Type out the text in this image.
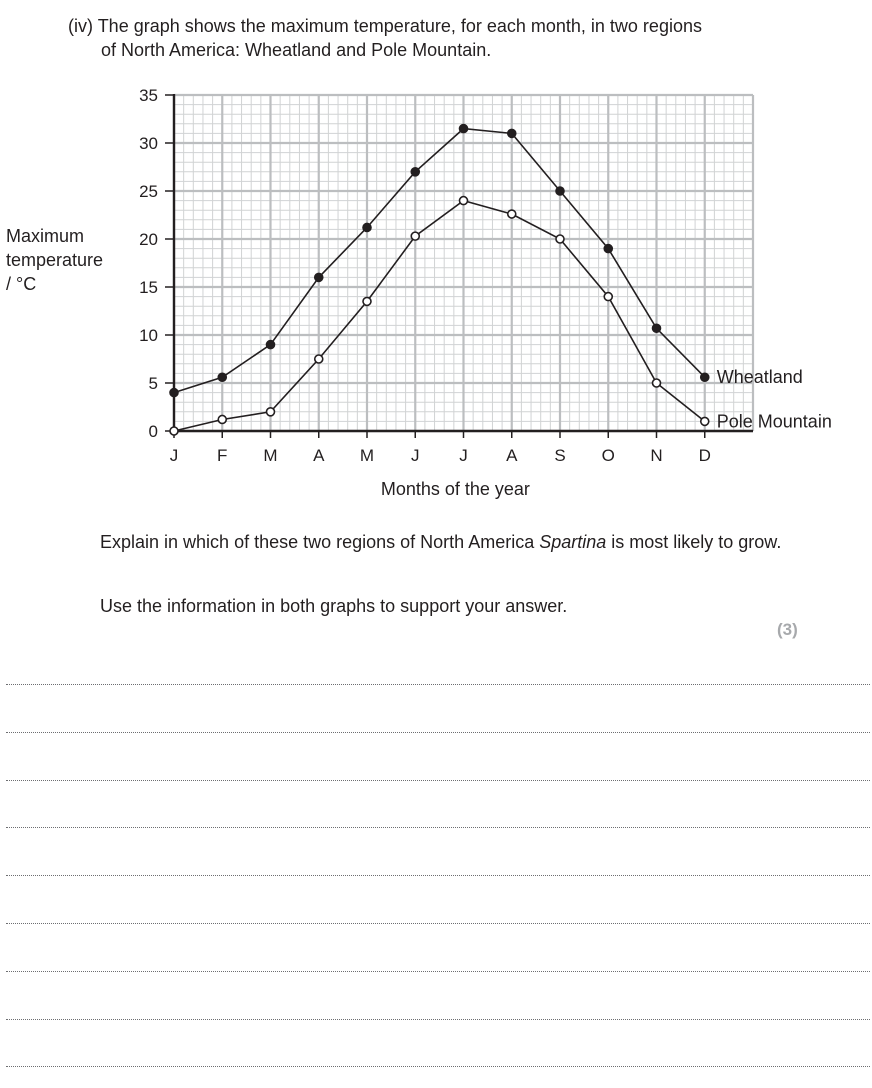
(iv) The graph shows the maximum temperature, for each month, in two regions
of North America: Wheatland and Pole Mountain.
0
5
10
15
20
25
30
35
J F M A M J J A S O N D
Maximum
temperature
/ °C
Months of the year
Wheatland
Pole Mountain
Explain in which of these two regions of North America Spartina is most likely to grow.
Use the information in both graphs to support your answer.
(3)
